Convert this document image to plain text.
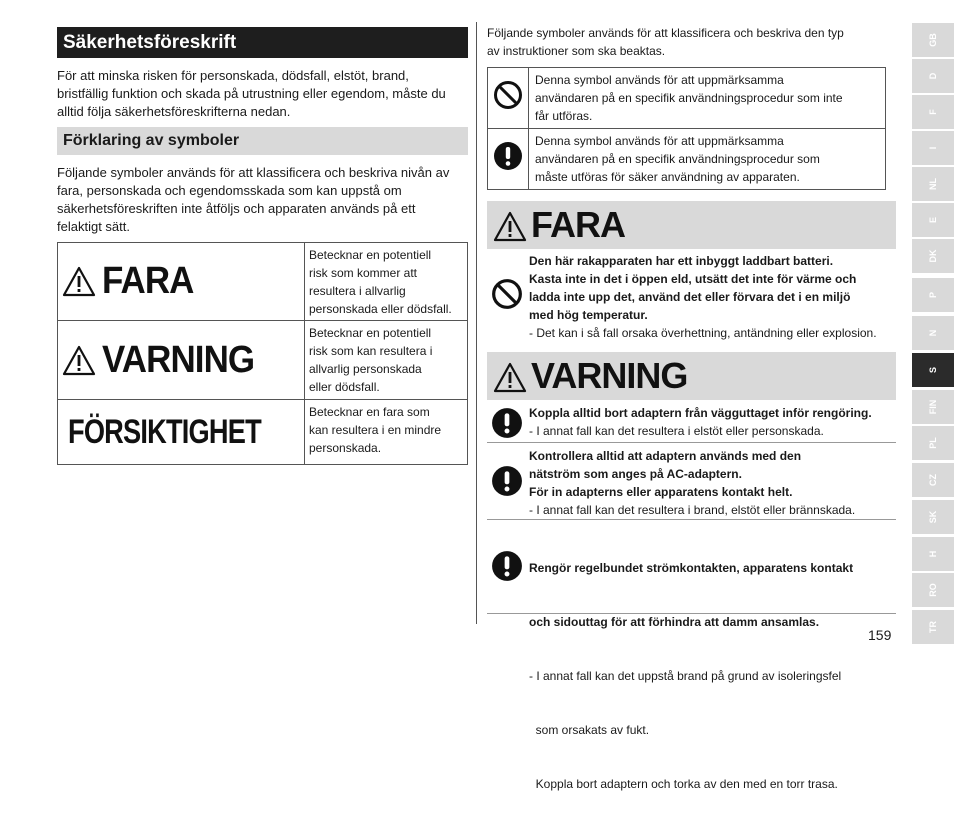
Säkerhetsföreskrift

För att minska risken för personskada, dödsfall, elstöt, brand,

bristfällig funktion och skada på utrustning eller egendom, måste du

alltid följa säkerhetsföreskrifterna nedan.

Förklaring av symboler

Följande symboler används för att klassificera och beskriva nivån av

fara, personskada och egendomsskada som kan uppstå om

säkerhetsföreskriften inte åtföljs och apparaten används på ett

felaktigt sätt.

FARA
Betecknar en potentiell
risk som kommer att
resultera i allvarlig
personskada eller dödsfall.
VARNING
Betecknar en potentiell
risk som kan resultera i
allvarlig personskada
eller dödsfall.
FÖRSIKTIGHET
Betecknar en fara som
kan resultera i en mindre
personskada.

Följande symboler används för att klassificera och beskriva den typ

av instruktioner som ska beaktas.

Denna symbol används för att uppmärksamma
användaren på en specifik användningsprocedur som inte
får utföras.
Denna symbol används för att uppmärksamma
användaren på en specifik användningsprocedur som
måste utföras för säker användning av apparaten.
FARA
Den här rakapparaten har ett inbyggt laddbart batteri.
Kasta inte in det i öppen eld, utsätt det inte för värme och
ladda inte upp det, använd det eller förvara det i en miljö
med hög temperatur.
- Det kan i så fall orsaka överhettning, antändning eller explosion.
VARNING
Koppla alltid bort adaptern från vägguttaget inför rengöring.
- I annat fall kan det resultera i elstöt eller personskada.
Kontrollera alltid att adaptern används med den
nätström som anges på AC-adaptern.
För in adapterns eller apparatens kontakt helt.
- I annat fall kan det resultera i brand, elstöt eller brännskada.

Rengör regelbundet strömkontakten, apparatens kontakt

och sidouttag för att förhindra att damm ansamlas.

- I annat fall kan det uppstå brand på grund av isoleringsfel

som orsakats av fukt.

Koppla bort adaptern och torka av den med en torr trasa.

GB
D
F
I
NL
E
DK
P
N
S
FIN
PL
CZ
SK
H
RO
TR
159
